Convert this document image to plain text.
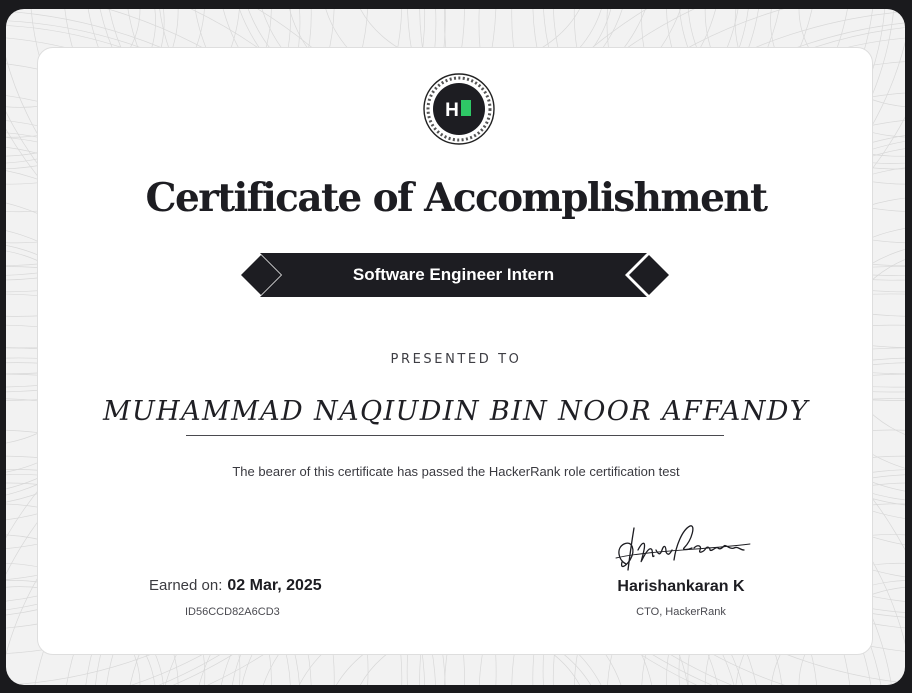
H
Certificate of Accomplishment
Software Engineer Intern
PRESENTED TO
MUHAMMAD NAQIUDIN BIN NOOR AFFANDY
The bearer of this certificate has passed the HackerRank role certification test
Earned on: 02 Mar, 2025
ID56CCD82A6CD3
Harishankaran K
CTO, HackerRank
